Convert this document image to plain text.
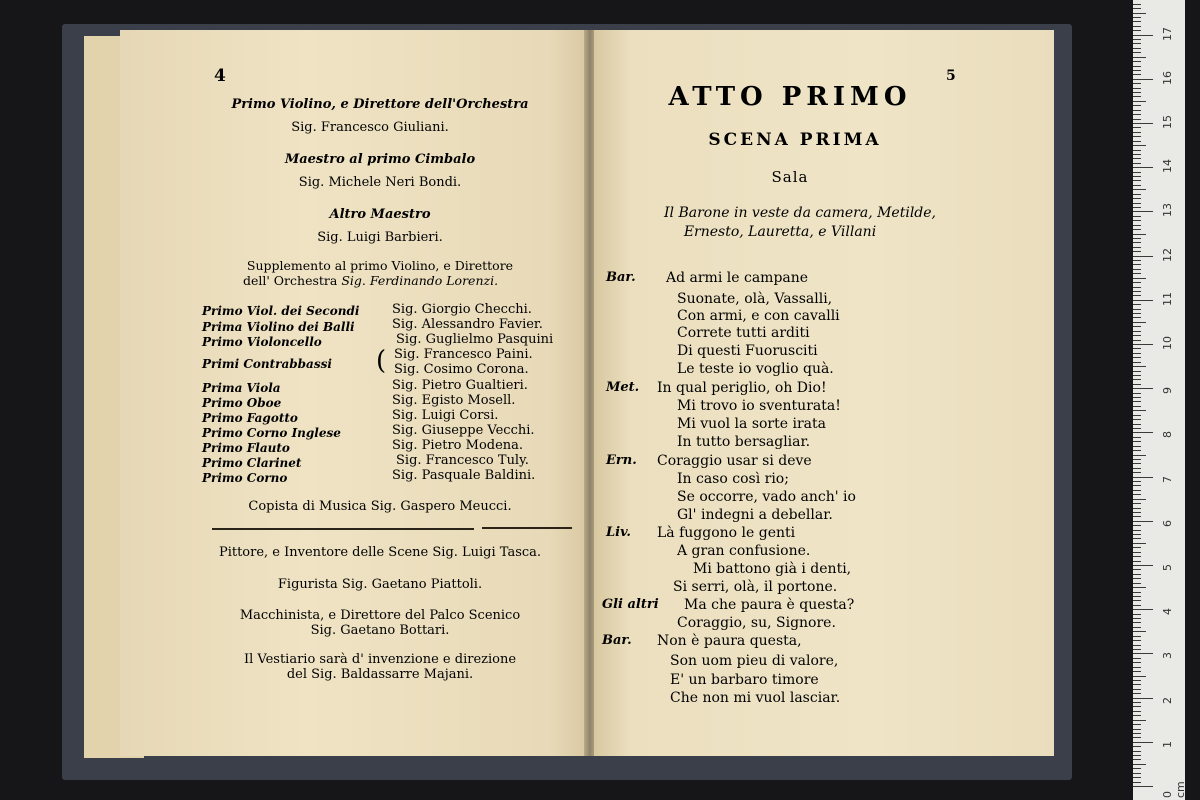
4
Primo Violino, e Direttore dell'Orchestra
Sig. Francesco Giuliani.
Maestro al primo Cimbalo
Sig. Michele Neri Bondi.
Altro Maestro
Sig. Luigi Barbieri.
Supplemento al primo Violino, e Direttore
dell' Orchestra Sig. Ferdinando Lorenzi.
Primo Viol. dei Secondi	Sig. Giorgio Checchi.
Prima Violino dei Balli	Sig. Alessandro Favier.
Primo Violoncello	Sig. Guglielmo Pasquini
Primi Contrabbassi ( Sig. Francesco Paini.
Sig. Cosimo Corona.
Prima Viola	Sig. Pietro Gualtieri.
Primo Oboe	Sig. Egisto Mosell.
Primo Fagotto	Sig. Luigi Corsi.
Primo Corno Inglese	Sig. Giuseppe Vecchi.
Primo Flauto	Sig. Pietro Modena.
Primo Clarinet	Sig. Francesco Tuly.
Primo Corno	Sig. Pasquale Baldini.
Copista di Musica Sig. Gaspero Meucci.
Pittore, e Inventore delle Scene Sig. Luigi Tasca.
Figurista Sig. Gaetano Piattoli.
Macchinista, e Direttore del Palco Scenico
Sig. Gaetano Bottari.
Il Vestiario sarà d' invenzione e direzione
del Sig. Baldassarre Majani.
5
ATTO PRIMO
SCENA PRIMA
Sala
Il Barone in veste da camera, Metilde,
Ernesto, Lauretta, e Villani
Bar. Ad armi le campane
Suonate, olà, Vassalli,
Con armi, e con cavalli
Correte tutti arditi
Di questi Fuorusciti
Le teste io voglio quà.
Met. In qual periglio, oh Dio!
Mi trovo io sventurata!
Mi vuol la sorte irata
In tutto bersagliar.
Ern. Coraggio usar si deve
In caso così rio;
Se occorre, vado anch' io
Gl' indegni a debellar.
Liv. Là fuggono le genti
A gran confusione.
Mi battono già i denti,
Si serri, olà, il portone.
Gli altri Ma che paura è questa?
Coraggio, su, Signore.
Bar. Non è paura questa,
Son uom pieu di valore,
E' un barbaro timore
Che non mi vuol lasciar.
1
2
3
4
5
6
7
8
9
10
11
12
13
14
15
16
17
0 cm
